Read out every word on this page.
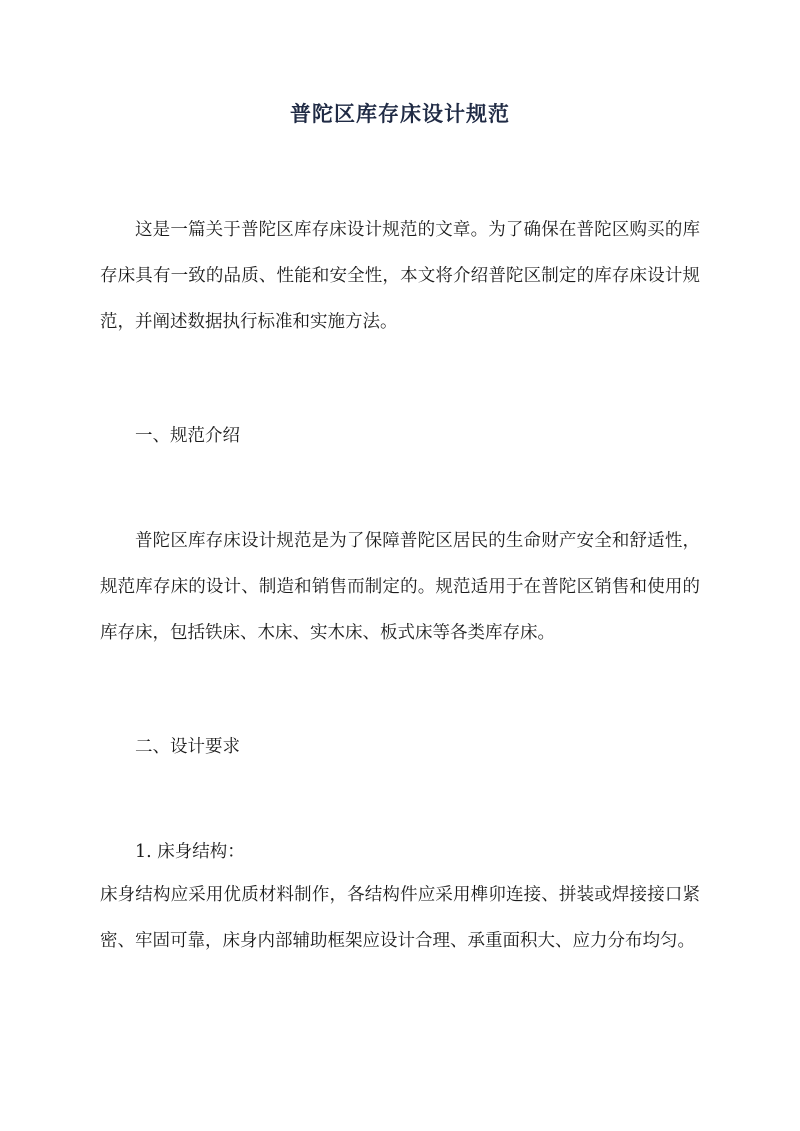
普陀区库存床设计规范

这是一篇关于普陀区库存床设计规范的文章。为了确保在普陀区购买的库存床具有一致的品质、性能和安全性，本文将介绍普陀区制定的库存床设计规范，并阐述数据执行标准和实施方法。

一、规范介绍

普陀区库存床设计规范是为了保障普陀区居民的生命财产安全和舒适性，规范库存床的设计、制造和销售而制定的。规范适用于在普陀区销售和使用的库存床，包括铁床、木床、实木床、板式床等各类库存床。

二、设计要求

1. 床身结构：

床身结构应采用优质材料制作，各结构件应采用榫卯连接、拼装或焊接接口紧密、牢固可靠，床身内部辅助框架应设计合理、承重面积大、应力分布均匀。
